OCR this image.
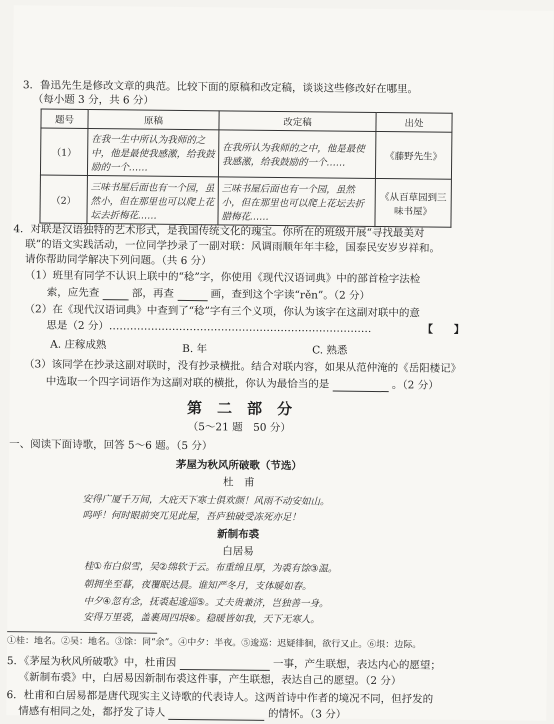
3．鲁迅先生是修改文章的典范。比较下面的原稿和改定稿，谈谈这些修改好在哪里。
（每小题 3 分，共 6 分）
题号	原稿	改定稿	出处
（1）	在我一生中所认为我师的之中，他是最使我感激，给我鼓励的一个……	在我所认为我师的之中，他是最使我感激，给我鼓励的一个……	《藤野先生》
（2）	三味书屋后面也有一个园，虽然小，但在那里也可以爬上花坛去折梅花……	三味书屋后面也有一个园，虽然小，但在那里也可以爬上花坛去折腊梅花……	《从百草园到三味书屋》
4．对联是汉语独特的艺术形式，是我国传统文化的瑰宝。你所在的班级开展“寻找最美对
联”的语文实践活动，一位同学抄录了一副对联：风调雨顺年年丰稔，国泰民安岁岁祥和。
请你帮助同学解决下列问题。（共 6 分）
（1）班里有同学不认识上联中的“稔”字，你使用《现代汉语词典》中的部首检字法检
索，应先查	部，再查	画，查到这个字读“rěn”。（2 分）
（2）在《现代汉语词典》中查到了“稔”字有三个义项，你认为该字在这副对联中的意
思是（2 分）…………………………………………………………………	【　　】
A. 庄稼成熟	B. 年	C. 熟悉
（3）该同学在抄录这副对联时，没有抄录横批。结合对联内容，如果从范仲淹的《岳阳楼记》
中选取一个四字词语作为这副对联的横批，你认为最恰当的是	。（2 分）
第　二　部　分
（5～21 题　50 分）
一、阅读下面诗歌，回答 5～6 题。（5 分）
茅屋为秋风所破歌（节选）
杜　甫
安得广厦千万间，大庇天下寒士俱欢颜！风雨不动安如山。
呜呼！何时眼前突兀见此屋，吾庐独破受冻死亦足！
新制布裘
白居易
桂①布白似雪，吴②绵软于云。布重绵且厚，为裘有馀③温。
朝拥坐至暮，夜覆眠达晨。谁知严冬月，支体暖如春。
中夕④忽有念，抚裘起逡巡⑤。丈夫贵兼济，岂独善一身。
安得万里裘，盖裹周四垠⑥。稳暖皆如我，天下无寒人。
①桂：地名。②吴：地名。③馀：同“余”。④中夕：半夜。⑤逡巡：迟疑徘徊，欲行又止。⑥垠：边际。
5．《茅屋为秋风所破歌》中，杜甫因	一事，产生联想，表达内心的愿望；
《新制布裘》中，白居易因新制布裘这件事，产生联想，表达自己的愿望。（2 分）
6．杜甫和白居易都是唐代现实主义诗歌的代表诗人。这两首诗中作者的境况不同，但抒发的
情感有相同之处，都抒发了诗人	的情怀。（3 分）
